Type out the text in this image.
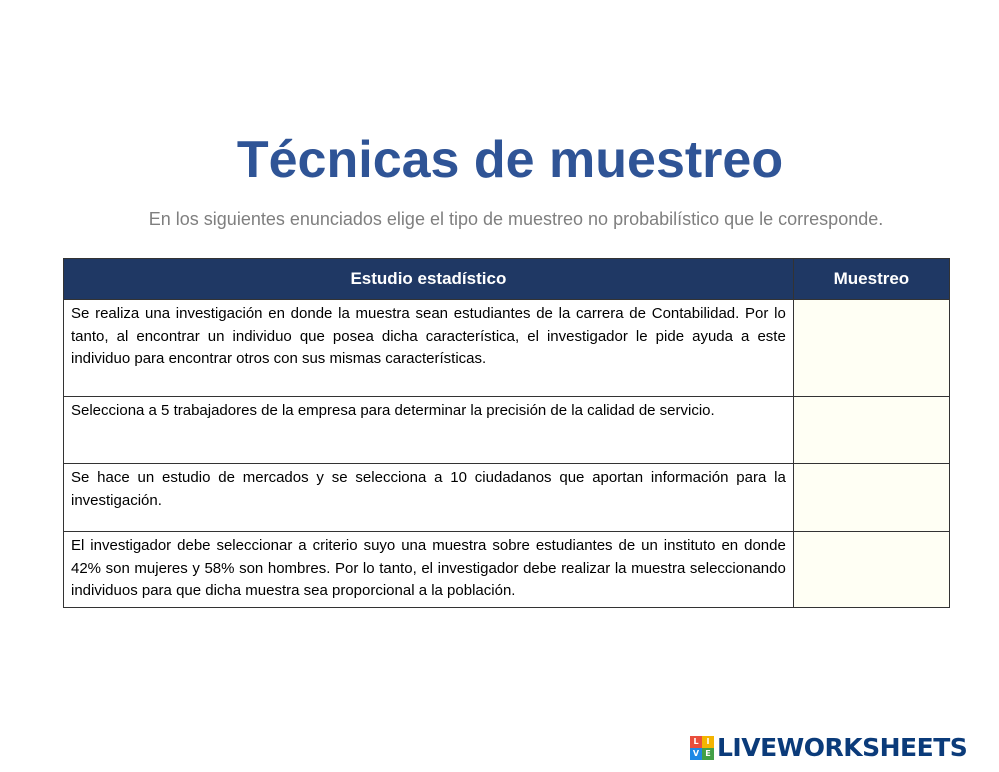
Técnicas de muestreo

En los siguientes enunciados elige el tipo de muestreo no probabilístico que le corresponde.

Estudio estadístico	Muestreo
Se realiza una investigación en donde la muestra sean estudiantes de la carrera de Contabilidad. Por lo tanto, al encontrar un individuo que posea dicha característica, el investigador le pide ayuda a este individuo para encontrar otros con sus mismas características.	

Selecciona a 5 trabajadores de la empresa para determinar la precisión de la calidad de servicio.	

Se hace un estudio de mercados y se selecciona a 10 ciudadanos que aportan información para la investigación.	

El investigador debe seleccionar a criterio suyo una muestra sobre estudiantes de un instituto en donde 42% son mujeres y 58% son hombres. Por lo tanto, el investigador debe realizar la muestra seleccionando individuos para que dicha muestra sea proporcional a la población.	
L I
V E LIVEWORKSHEETS
